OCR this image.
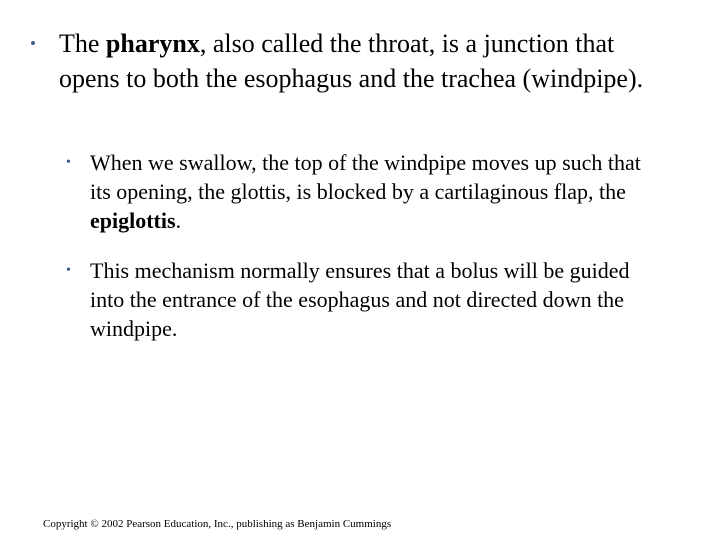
• The pharynx, also called the throat, is a junction that opens to both the esophagus and the trachea (windpipe).
• When we swallow, the top of the windpipe moves up such that its opening, the glottis, is blocked by a cartilaginous flap, the epiglottis.
• This mechanism normally ensures that a bolus will be guided into the entrance of the esophagus and not directed down the windpipe.
Copyright © 2002 Pearson Education, Inc., publishing as Benjamin Cummings
